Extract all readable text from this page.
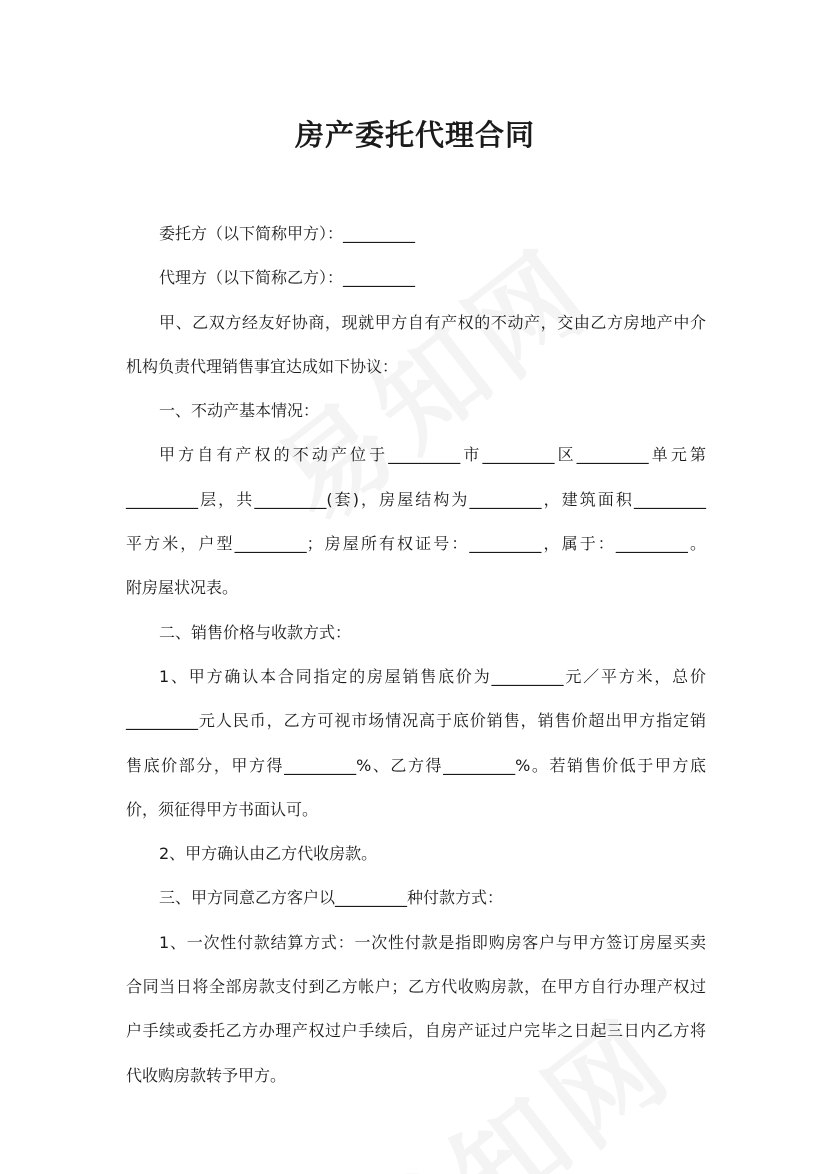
房产委托代理合同
委托方（以下简称甲方）：_________
代理方（以下简称乙方）：_________
甲、乙双方经友好协商，现就甲方自有产权的不动产，交由乙方房地产中介
机构负责代理销售事宜达成如下协议：
一、不动产基本情况：
甲方自有产权的不动产位于_________市_________区_________单元第
_________层，共_________(套)，房屋结构为_________，建筑面积_________
平方米，户型_________；房屋所有权证号：_________，属于：_________。
附房屋状况表。
二、销售价格与收款方式：
1、甲方确认本合同指定的房屋销售底价为_________元／平方米，总价
_________元人民币，乙方可视市场情况高于底价销售，销售价超出甲方指定销
售底价部分，甲方得_________%、乙方得_________%。若销售价低于甲方底
价，须征得甲方书面认可。
2、甲方确认由乙方代收房款。
三、甲方同意乙方客户以_________种付款方式：
1、一次性付款结算方式：一次性付款是指即购房客户与甲方签订房屋买卖
合同当日将全部房款支付到乙方帐户；乙方代收购房款，在甲方自行办理产权过
户手续或委托乙方办理产权过户手续后，自房产证过户完毕之日起三日内乙方将
代收购房款转予甲方。
